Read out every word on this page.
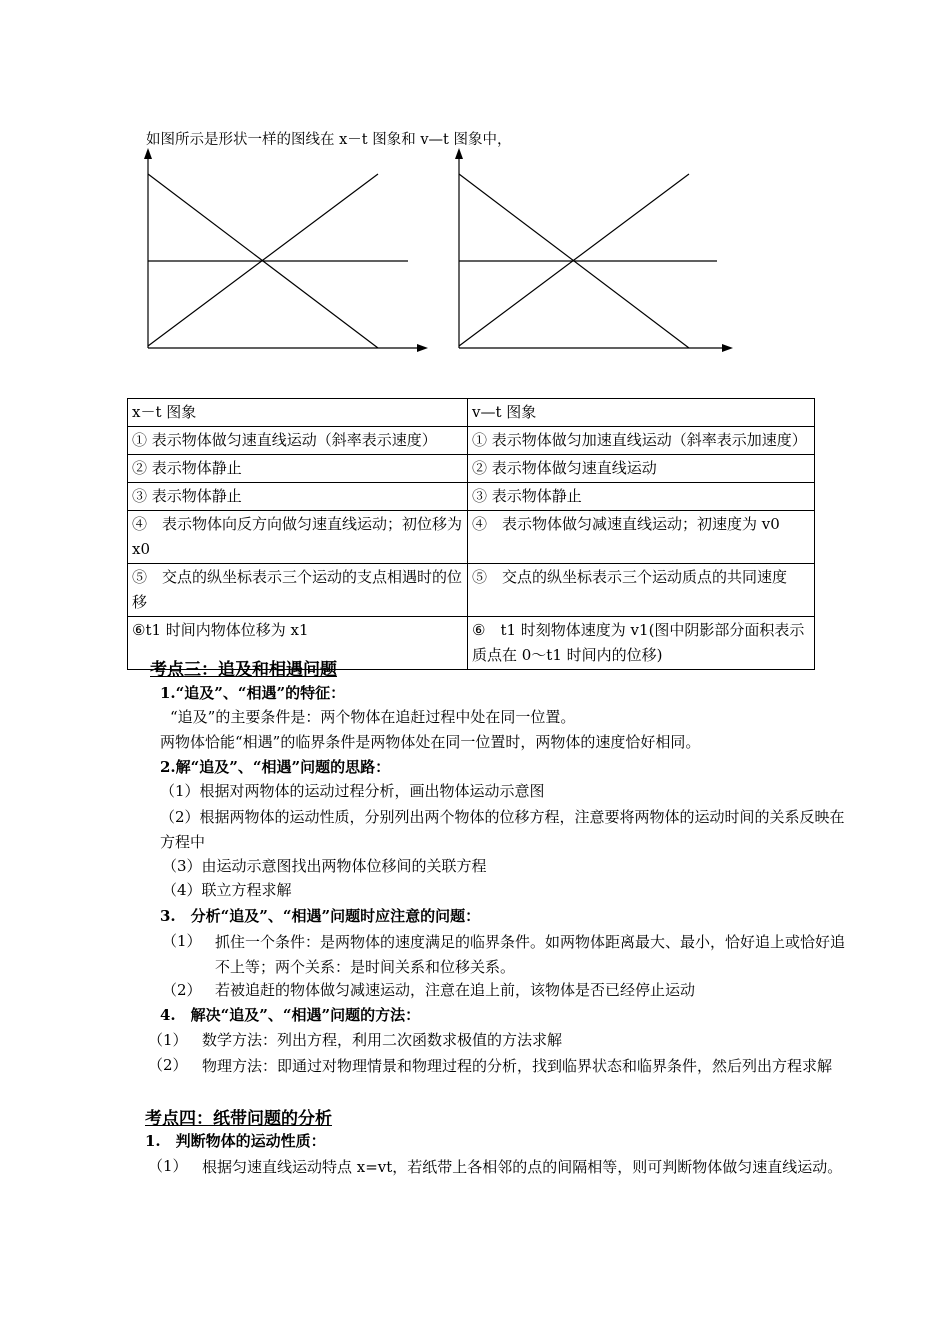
如图所示是形状一样的图线在 x－t 图象和 v—t 图象中，
x－t 图象	v—t 图象
① 表示物体做匀速直线运动（斜率表示速度）	① 表示物体做匀加速直线运动（斜率表示加速度）
② 表示物体静止	② 表示物体做匀速直线运动
③ 表示物体静止	③ 表示物体静止
④　表示物体向反方向做匀速直线运动；初位移为 x0	④　表示物体做匀减速直线运动；初速度为 v0
⑤　交点的纵坐标表示三个运动的支点相遇时的位移	⑤　交点的纵坐标表示三个运动质点的共同速度
⑥t1 时间内物体位移为 x1	⑥　t1 时刻物体速度为 v1(图中阴影部分面积表示质点在 0～t1 时间内的位移)
考点三：追及和相遇问题
1.“追及”、“相遇”的特征：
“追及”的主要条件是：两个物体在追赶过程中处在同一位置。
两物体恰能“相遇”的临界条件是两物体处在同一位置时，两物体的速度恰好相同。
2.解“追及”、“相遇”问题的思路：
（1）根据对两物体的运动过程分析，画出物体运动示意图
（2）根据两物体的运动性质，分别列出两个物体的位移方程，注意要将两物体的运动时间的关系反映在方程中
（3）由运动示意图找出两物体位移间的关联方程
（4）联立方程求解
3.　分析“追及”、“相遇”问题时应注意的问题：
（1） 抓住一个条件：是两物体的速度满足的临界条件。如两物体距离最大、最小，恰好追上或恰好追不上等；两个关系：是时间关系和位移关系。
（2） 若被追赶的物体做匀减速运动，注意在追上前，该物体是否已经停止运动
4.　解决“追及”、“相遇”问题的方法：
（1） 数学方法：列出方程，利用二次函数求极值的方法求解
（2） 物理方法：即通过对物理情景和物理过程的分析，找到临界状态和临界条件，然后列出方程求解
考点四：纸带问题的分析
1.　判断物体的运动性质：
（1） 根据匀速直线运动特点 x=vt，若纸带上各相邻的点的间隔相等，则可判断物体做匀速直线运动。
